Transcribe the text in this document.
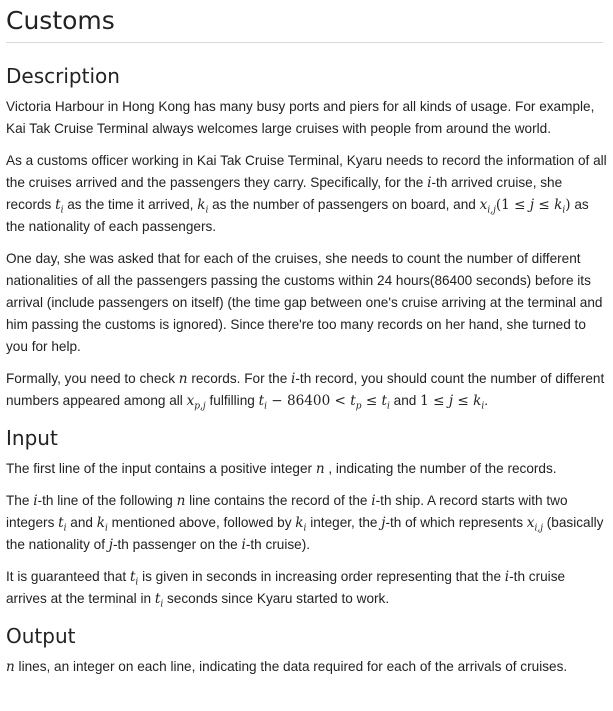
Customs
Description

Victoria Harbour in Hong Kong has many busy ports and piers for all kinds of usage. For example, Kai Tak Cruise Terminal always welcomes large cruises with people from around the world.

As a customs officer working in Kai Tak Cruise Terminal, Kyaru needs to record the information of all the cruises arrived and the passengers they carry. Specifically, for the i-th arrived cruise, she records $t_i$ as the time it arrived, $k_i$ as the number of passengers on board, and $x_{i,j}(1 \le j \le k_i)$ as the nationality of each passengers.

One day, she was asked that for each of the cruises, she needs to count the number of different nationalities of all the passengers passing the customs within 24 hours(86400 seconds) before its arrival (include passengers on itself) (the time gap between one's cruise arriving at the terminal and him passing the customs is ignored). Since there're too many records on her hand, she turned to you for help.

Formally, you need to check n records. For the i-th record, you should count the number of different numbers appeared among all $x_{p,j}$ fulfilling $t_i - 86400 < t_p \le t_i$ and $1 \le j \le k_i$.

Input

The first line of the input contains a positive integer n , indicating the number of the records.

The i-th line of the following n line contains the record of the i-th ship. A record starts with two integers $t_i$ and $k_i$ mentioned above, followed by $k_i$ integer, the j-th of which represents $x_{i,j}$ (basically the nationality of j-th passenger on the i-th cruise).

It is guaranteed that $t_i$ is given in seconds in increasing order representing that the i-th cruise arrives at the terminal in $t_i$ seconds since Kyaru started to work.

Output

n lines, an integer on each line, indicating the data required for each of the arrivals of cruises.
